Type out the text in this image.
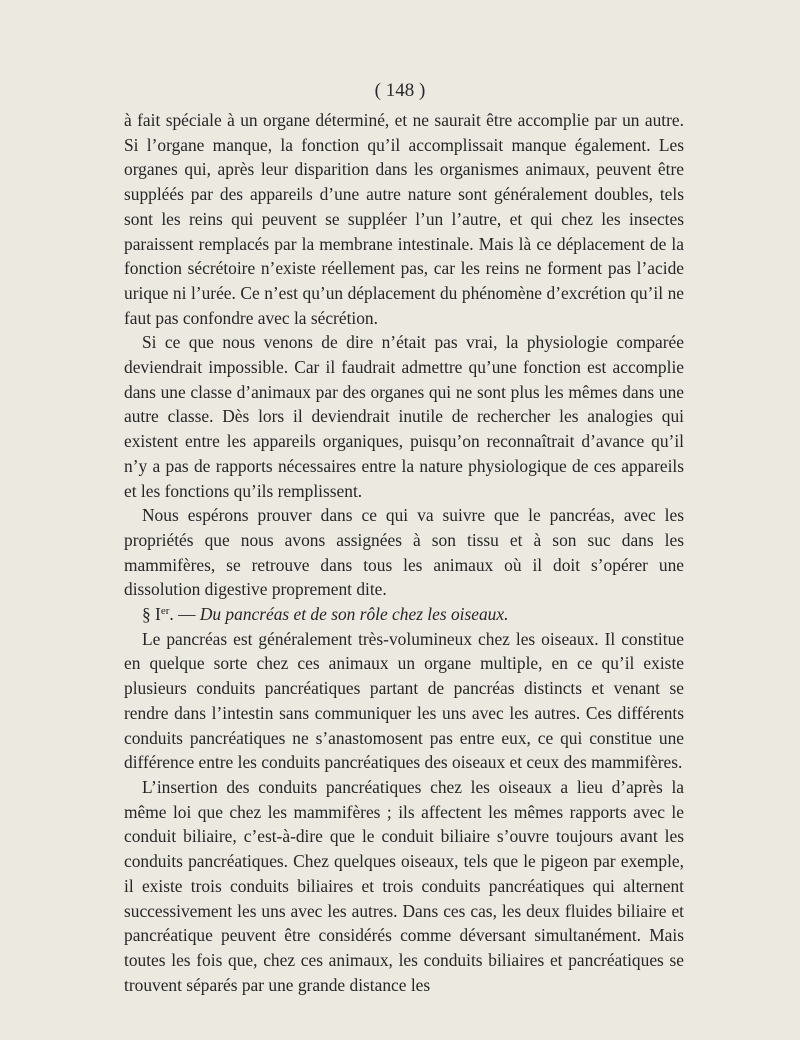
( 148 )

à fait spéciale à un organe déterminé, et ne saurait être accomplie par un autre. Si l’organe manque, la fonction qu’il accomplissait manque également. Les organes qui, après leur disparition dans les organismes animaux, peuvent être suppléés par des appareils d’une autre nature sont généralement doubles, tels sont les reins qui peuvent se suppléer l’un l’autre, et qui chez les insectes paraissent remplacés par la membrane intestinale. Mais là ce déplacement de la fonction sécrétoire n’existe réellement pas, car les reins ne forment pas l’acide urique ni l’urée. Ce n’est qu’un déplacement du phénomène d’excrétion qu’il ne faut pas confondre avec la sécrétion.

Si ce que nous venons de dire n’était pas vrai, la physiologie comparée deviendrait impossible. Car il faudrait admettre qu’une fonction est accomplie dans une classe d’animaux par des organes qui ne sont plus les mêmes dans une autre classe. Dès lors il deviendrait inutile de rechercher les analogies qui existent entre les appareils organiques, puisqu’on reconnaîtrait d’avance qu’il n’y a pas de rapports nécessaires entre la nature physiologique de ces appareils et les fonctions qu’ils remplissent.

Nous espérons prouver dans ce qui va suivre que le pancréas, avec les propriétés que nous avons assignées à son tissu et à son suc dans les mammifères, se retrouve dans tous les animaux où il doit s’opérer une dissolution digestive proprement dite.

§ Ier. — Du pancréas et de son rôle chez les oiseaux.

Le pancréas est généralement très-volumineux chez les oiseaux. Il constitue en quelque sorte chez ces animaux un organe multiple, en ce qu’il existe plusieurs conduits pancréatiques partant de pancréas distincts et venant se rendre dans l’intestin sans communiquer les uns avec les autres. Ces différents conduits pancréatiques ne s’anastomosent pas entre eux, ce qui constitue une différence entre les conduits pancréatiques des oiseaux et ceux des mammifères.

L’insertion des conduits pancréatiques chez les oiseaux a lieu d’après la même loi que chez les mammifères ; ils affectent les mêmes rapports avec le conduit biliaire, c’est-à-dire que le conduit biliaire s’ouvre toujours avant les conduits pancréatiques. Chez quelques oiseaux, tels que le pigeon par exemple, il existe trois conduits biliaires et trois conduits pancréatiques qui alternent successivement les uns avec les autres. Dans ces cas, les deux fluides biliaire et pancréatique peuvent être considérés comme déversant simultanément. Mais toutes les fois que, chez ces animaux, les conduits biliaires et pancréatiques se trouvent séparés par une grande distance les
